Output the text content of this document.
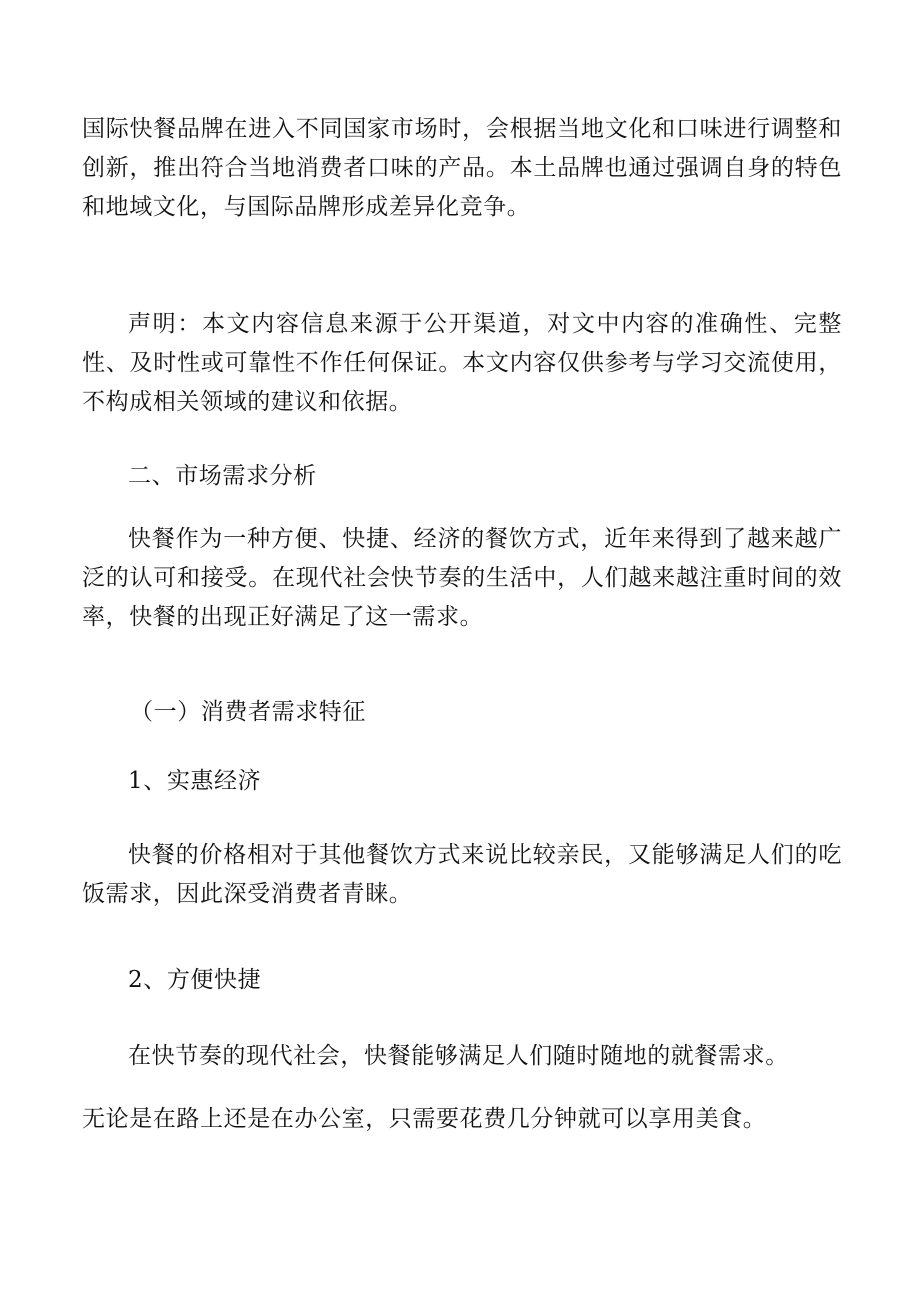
国际快餐品牌在进入不同国家市场时，会根据当地文化和口味进行调整和创新，推出符合当地消费者口味的产品。本土品牌也通过强调自身的特色和地域文化，与国际品牌形成差异化竞争。

声明：本文内容信息来源于公开渠道，对文中内容的准确性、完整性、及时性或可靠性不作任何保证。本文内容仅供参考与学习交流使用，不构成相关领域的建议和依据。

二、市场需求分析

快餐作为一种方便、快捷、经济的餐饮方式，近年来得到了越来越广泛的认可和接受。在现代社会快节奏的生活中，人们越来越注重时间的效率，快餐的出现正好满足了这一需求。

（一）消费者需求特征

1、实惠经济

快餐的价格相对于其他餐饮方式来说比较亲民，又能够满足人们的吃饭需求，因此深受消费者青睐。

2、方便快捷

在快节奏的现代社会，快餐能够满足人们随时随地的就餐需求。

无论是在路上还是在办公室，只需要花费几分钟就可以享用美食。
